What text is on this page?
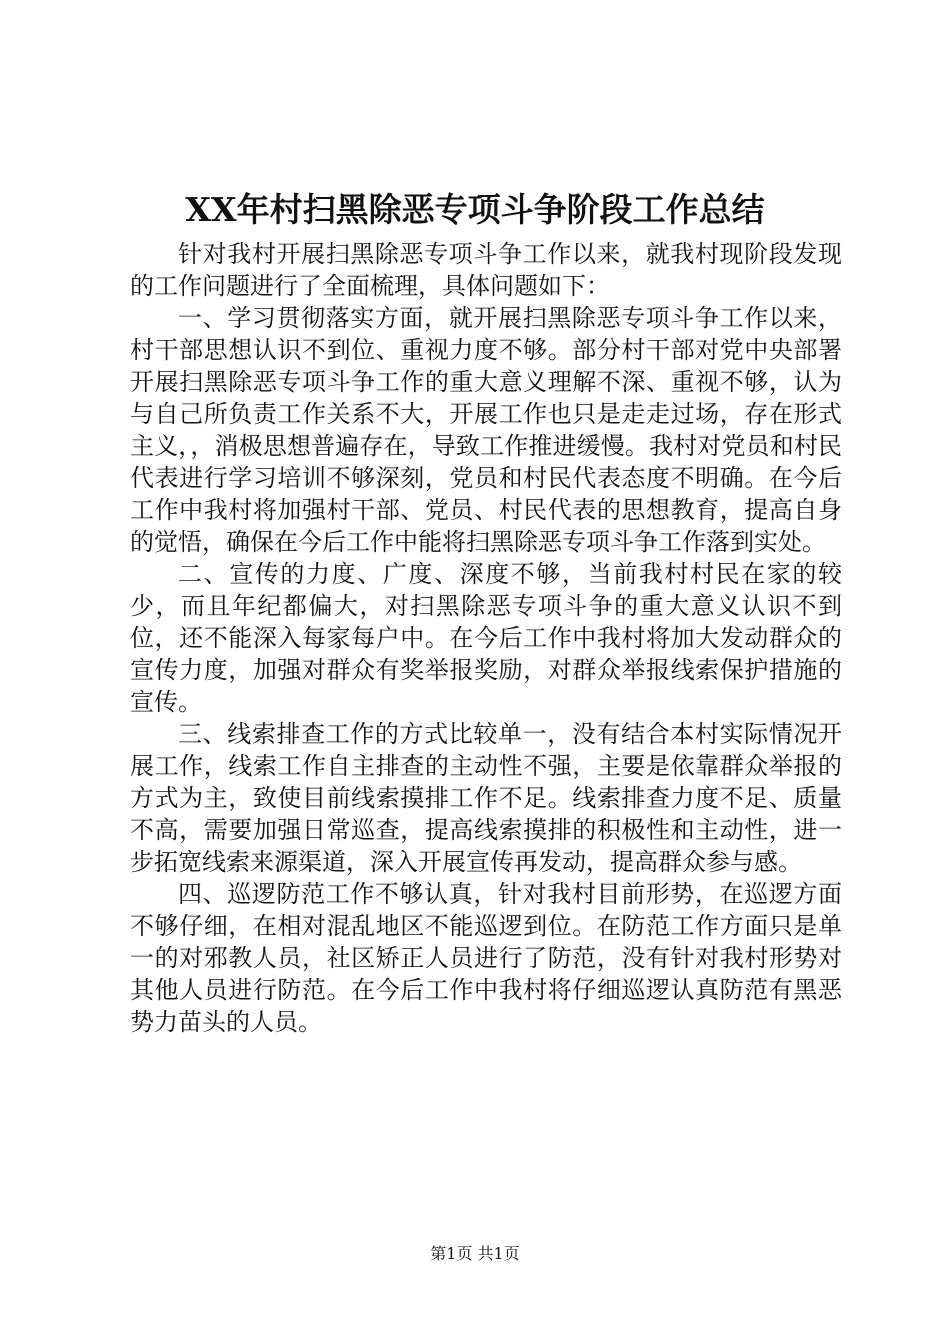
XX年村扫黑除恶专项斗争阶段工作总结

针对我村开展扫黑除恶专项斗争工作以来，就我村现阶段发现的工作问题进行了全面梳理，具体问题如下：

一、学习贯彻落实方面，就开展扫黑除恶专项斗争工作以来，村干部思想认识不到位、重视力度不够。部分村干部对党中央部署开展扫黑除恶专项斗争工作的重大意义理解不深、重视不够，认为与自己所负责工作关系不大，开展工作也只是走走过场，存在形式主义，，消极思想普遍存在，导致工作推进缓慢。我村对党员和村民代表进行学习培训不够深刻，党员和村民代表态度不明确。在今后工作中我村将加强村干部、党员、村民代表的思想教育，提高自身的觉悟，确保在今后工作中能将扫黑除恶专项斗争工作落到实处。

二、宣传的力度、广度、深度不够，当前我村村民在家的较少，而且年纪都偏大，对扫黑除恶专项斗争的重大意义认识不到位，还不能深入每家每户中。在今后工作中我村将加大发动群众的宣传力度，加强对群众有奖举报奖励，对群众举报线索保护措施的宣传。

三、线索排查工作的方式比较单一，没有结合本村实际情况开展工作，线索工作自主排查的主动性不强，主要是依靠群众举报的方式为主，致使目前线索摸排工作不足。线索排查力度不足、质量不高，需要加强日常巡查，提高线索摸排的积极性和主动性，进一步拓宽线索来源渠道，深入开展宣传再发动，提高群众参与感。

四、巡逻防范工作不够认真，针对我村目前形势，在巡逻方面不够仔细，在相对混乱地区不能巡逻到位。在防范工作方面只是单一的对邪教人员，社区矫正人员进行了防范，没有针对我村形势对其他人员进行防范。在今后工作中我村将仔细巡逻认真防范有黑恶势力苗头的人员。

第1页 共1页
